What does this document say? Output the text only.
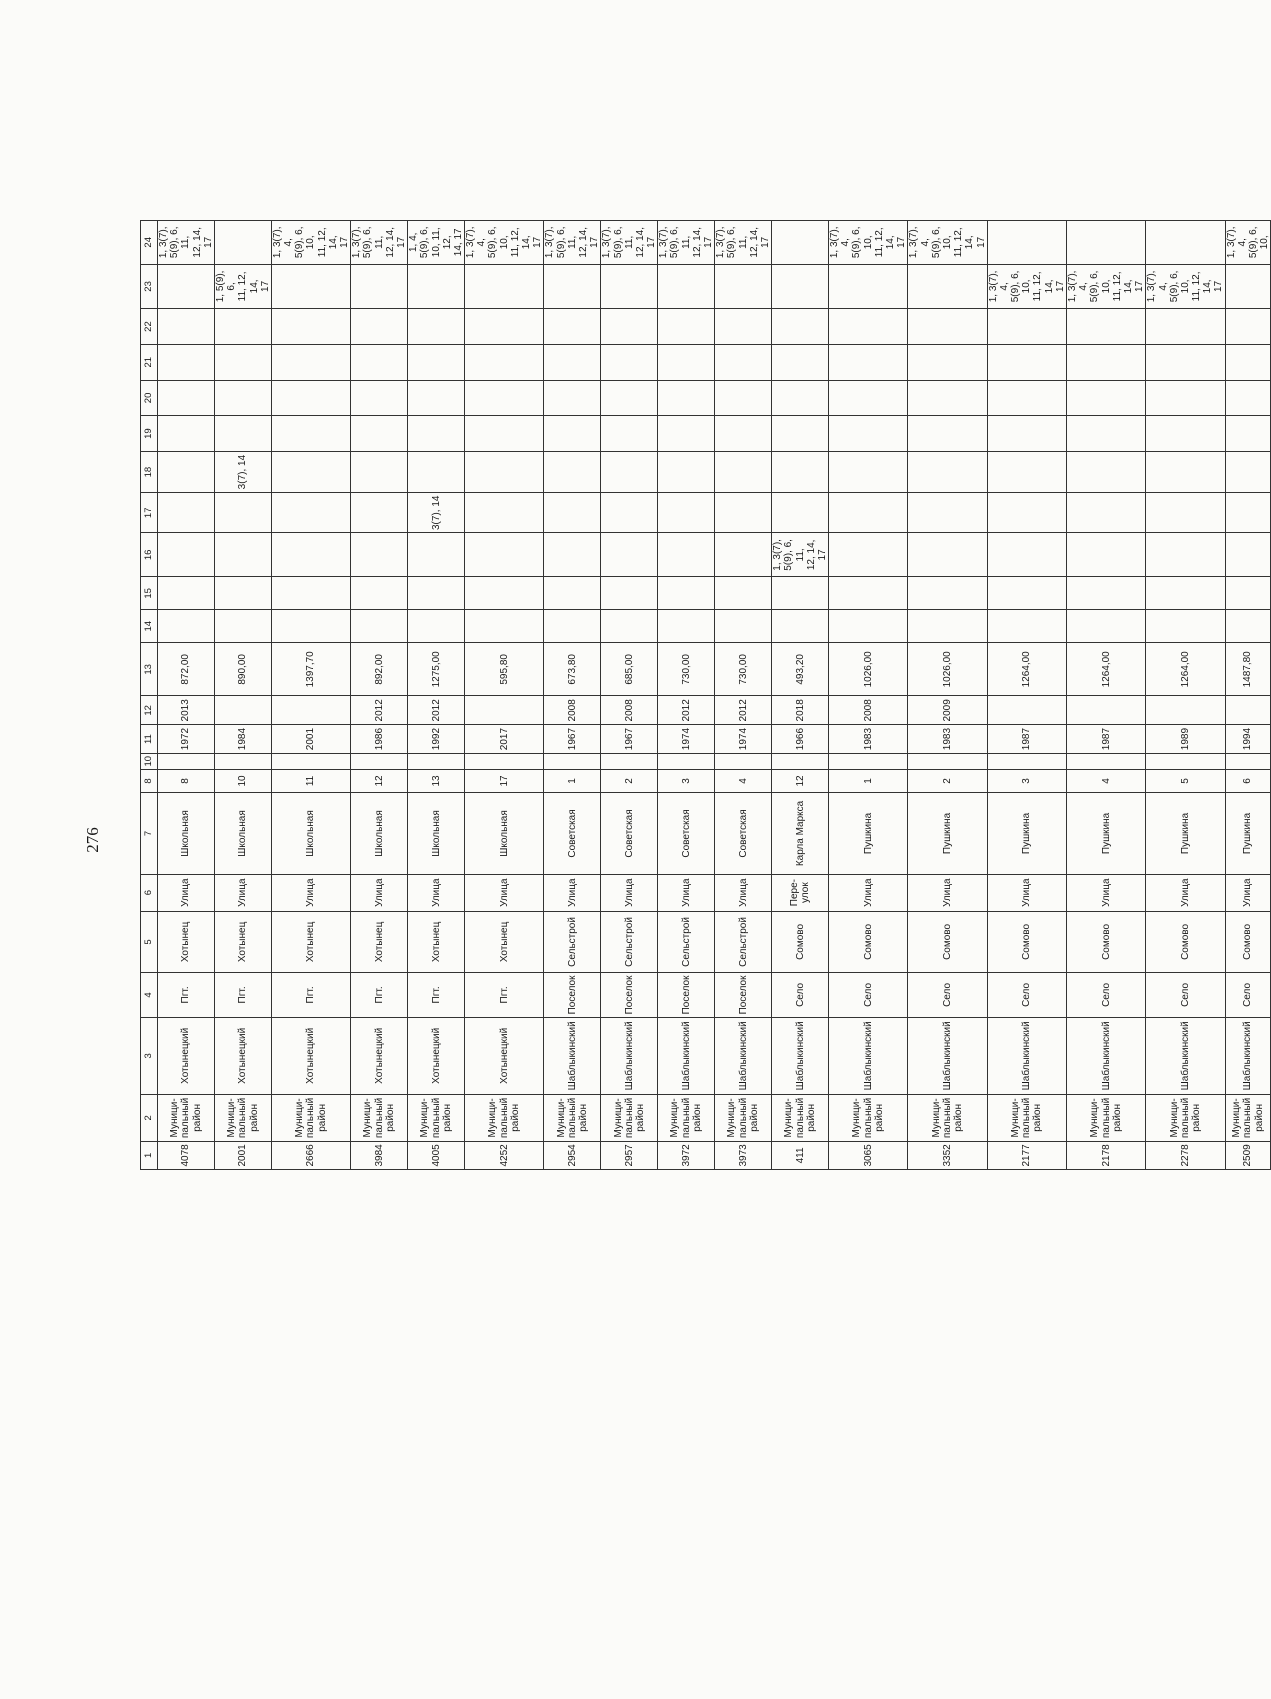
276
1	2	3	4	5	6	7	8	10	11	12	13	14	15	16	17	18	19	20	21	22	23	24
4078	Муници-
пальный
район	Хотынецкий	Пгт.	Хотынец	Улица	Школьная	8		1972	2013	872,00											1, 3(7),
5(9), 6, 11,
12, 14, 17
2001	Муници-
пальный
район	Хотынецкий	Пгт.	Хотынец	Улица	Школьная	10		1984		890,00					3(7), 14					1, 5(9), 6,
11, 12, 14,
17	
2666	Муници-
пальный
район	Хотынецкий	Пгт.	Хотынец	Улица	Школьная	11		2001		1397,70											1, 3(7), 4,
5(9), 6, 10,
11, 12, 14,
17
3984	Муници-
пальный
район	Хотынецкий	Пгт.	Хотынец	Улица	Школьная	12		1986	2012	892,00											1, 3(7),
5(9), 6, 11,
12, 14, 17
4005	Муници-
пальный
район	Хотынецкий	Пгт.	Хотынец	Улица	Школьная	13		1992	2012	1275,00				3(7), 14							1, 4, 5(9), 6,
10, 11, 12,
14, 17
4252	Муници-
пальный
район	Хотынецкий	Пгт.	Хотынец	Улица	Школьная	17		2017		595,80											1, 3(7), 4,
5(9), 6, 10,
11, 12, 14,
17
2954	Муници-
пальный
район	Шаблыкинский	Поселок	Сельстрой	Улица	Советская	1		1967	2008	673,80											1, 3(7),
5(9), 6, 11,
12, 14, 17
2957	Муници-
пальный
район	Шаблыкинский	Поселок	Сельстрой	Улица	Советская	2		1967	2008	685,00											1, 3(7),
5(9), 6, 11,
12, 14, 17
3972	Муници-
пальный
район	Шаблыкинский	Поселок	Сельстрой	Улица	Советская	3		1974	2012	730,00											1, 3(7),
5(9), 6, 11,
12, 14, 17
3973	Муници-
пальный
район	Шаблыкинский	Поселок	Сельстрой	Улица	Советская	4		1974	2012	730,00											1, 3(7),
5(9), 6, 11,
12, 14, 17
411	Муници-
пальный
район	Шаблыкинский	Село	Сомово	Пере-
улок	Карла Маркса	12		1966	2018	493,20			1, 3(7),
5(9), 6, 11,
12, 14, 17								
3065	Муници-
пальный
район	Шаблыкинский	Село	Сомово	Улица	Пушкина	1		1983	2008	1026,00											1, 3(7), 4,
5(9), 6, 10,
11, 12, 14,
17
3352	Муници-
пальный
район	Шаблыкинский	Село	Сомово	Улица	Пушкина	2		1983	2009	1026,00											1, 3(7), 4,
5(9), 6, 10,
11, 12, 14,
17
2177	Муници-
пальный
район	Шаблыкинский	Село	Сомово	Улица	Пушкина	3		1987		1264,00										1, 3(7), 4,
5(9), 6, 10,
11, 12, 14,
17	
2178	Муници-
пальный
район	Шаблыкинский	Село	Сомово	Улица	Пушкина	4		1987		1264,00										1, 3(7), 4,
5(9), 6, 10,
11, 12, 14,
17	
2278	Муници-
пальный
район	Шаблыкинский	Село	Сомово	Улица	Пушкина	5		1989		1264,00										1, 3(7), 4,
5(9), 6, 10,
11, 12, 14,
17	
2509	Муници-
пальный
район	Шаблыкинский	Село	Сомово	Улица	Пушкина	6		1994		1487,80											1, 3(7), 4,
5(9), 6, 10,
